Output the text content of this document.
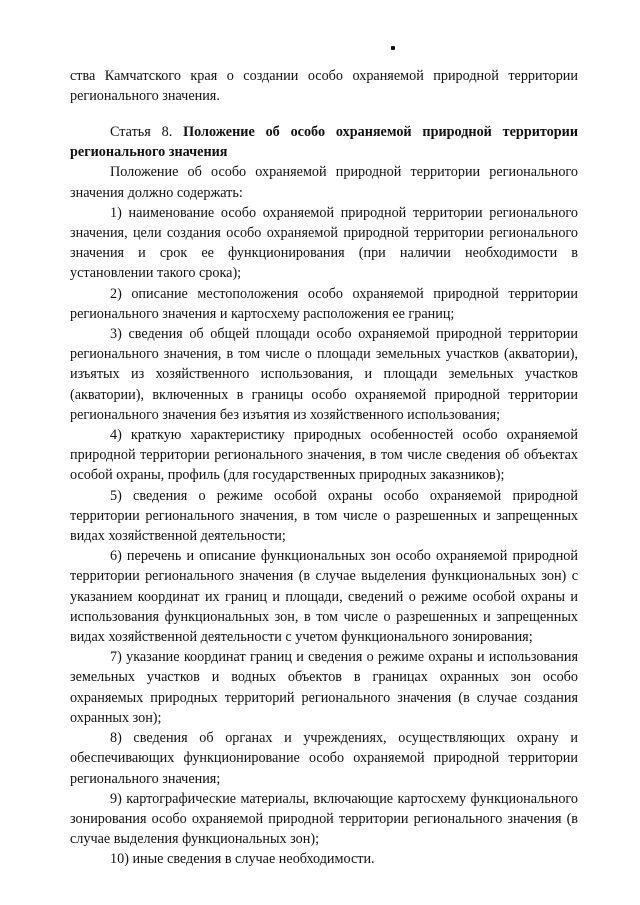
ства Камчатского края о создании особо охраняемой природной территории регионального значения.

Статья 8. Положение об особо охраняемой природной территории регионального значения

Положение об особо охраняемой природной территории регионального значения должно содержать:

1) наименование особо охраняемой природной территории регионального значения, цели создания особо охраняемой природной территории регионального значения и срок ее функционирования (при наличии необходимости в установлении такого срока);

2) описание местоположения особо охраняемой природной территории регионального значения и картосхему расположения ее границ;

3) сведения об общей площади особо охраняемой природной территории регионального значения, в том числе о площади земельных участков (акватории), изъятых из хозяйственного использования, и площади земельных участков (акватории), включенных в границы особо охраняемой природной территории регионального значения без изъятия из хозяйственного использования;

4) краткую характеристику природных особенностей особо охраняемой природной территории регионального значения, в том числе сведения об объектах особой охраны, профиль (для государственных природных заказников);

5) сведения о режиме особой охраны особо охраняемой природной территории регионального значения, в том числе о разрешенных и запрещенных видах хозяйственной деятельности;

6) перечень и описание функциональных зон особо охраняемой природной территории регионального значения (в случае выделения функциональных зон) с указанием координат их границ и площади, сведений о режиме особой охраны и использования функциональных зон, в том числе о разрешенных и запрещенных видах хозяйственной деятельности с учетом функционального зонирования;

7) указание координат границ и сведения о режиме охраны и использования земельных участков и водных объектов в границах охранных зон особо охраняемых природных территорий регионального значения (в случае создания охранных зон);

8) сведения об органах и учреждениях, осуществляющих охрану и обеспечивающих функционирование особо охраняемой природной территории регионального значения;

9) картографические материалы, включающие картосхему функционального зонирования особо охраняемой природной территории регионального значения (в случае выделения функциональных зон);

10) иные сведения в случае необходимости.
